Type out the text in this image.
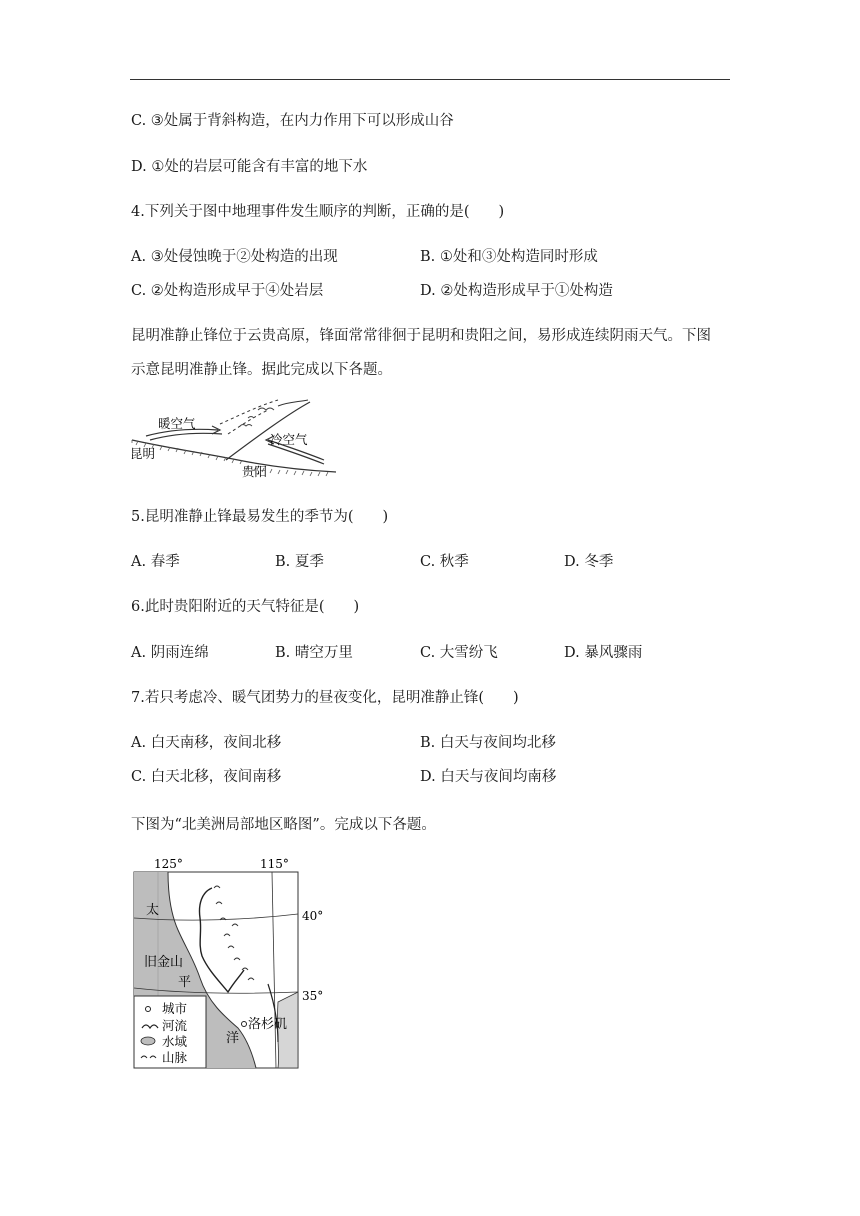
C. ③处属于背斜构造，在内力作用下可以形成山谷
D. ①处的岩层可能含有丰富的地下水
4.下列关于图中地理事件发生顺序的判断，正确的是(　　)
A. ③处侵蚀晚于②处构造的出现	B. ①处和③处构造同时形成
C. ②处构造形成早于④处岩层	D. ②处构造形成早于①处构造
昆明准静止锋位于云贵高原，锋面常常徘徊于昆明和贵阳之间，易形成连续阴雨天气。下图
示意昆明准静止锋。据此完成以下各题。
暖空气
冷空气
昆明
贵阳
5.昆明准静止锋最易发生的季节为(　　)
A. 春季	B. 夏季	C. 秋季	D. 冬季
6.此时贵阳附近的天气特征是(　　)
A. 阴雨连绵	B. 晴空万里	C. 大雪纷飞	D. 暴风骤雨
7.若只考虑冷、暖气团势力的昼夜变化，昆明准静止锋(　　)
A. 白天南移，夜间北移	B. 白天与夜间均北移
C. 白天北移，夜间南移	D. 白天与夜间均南移
下图为“北美洲局部地区略图”。完成以下各题。
125°	115°
40°
35°
太
平
洋
旧金山
洛杉矶
城市
河流
水域
山脉
